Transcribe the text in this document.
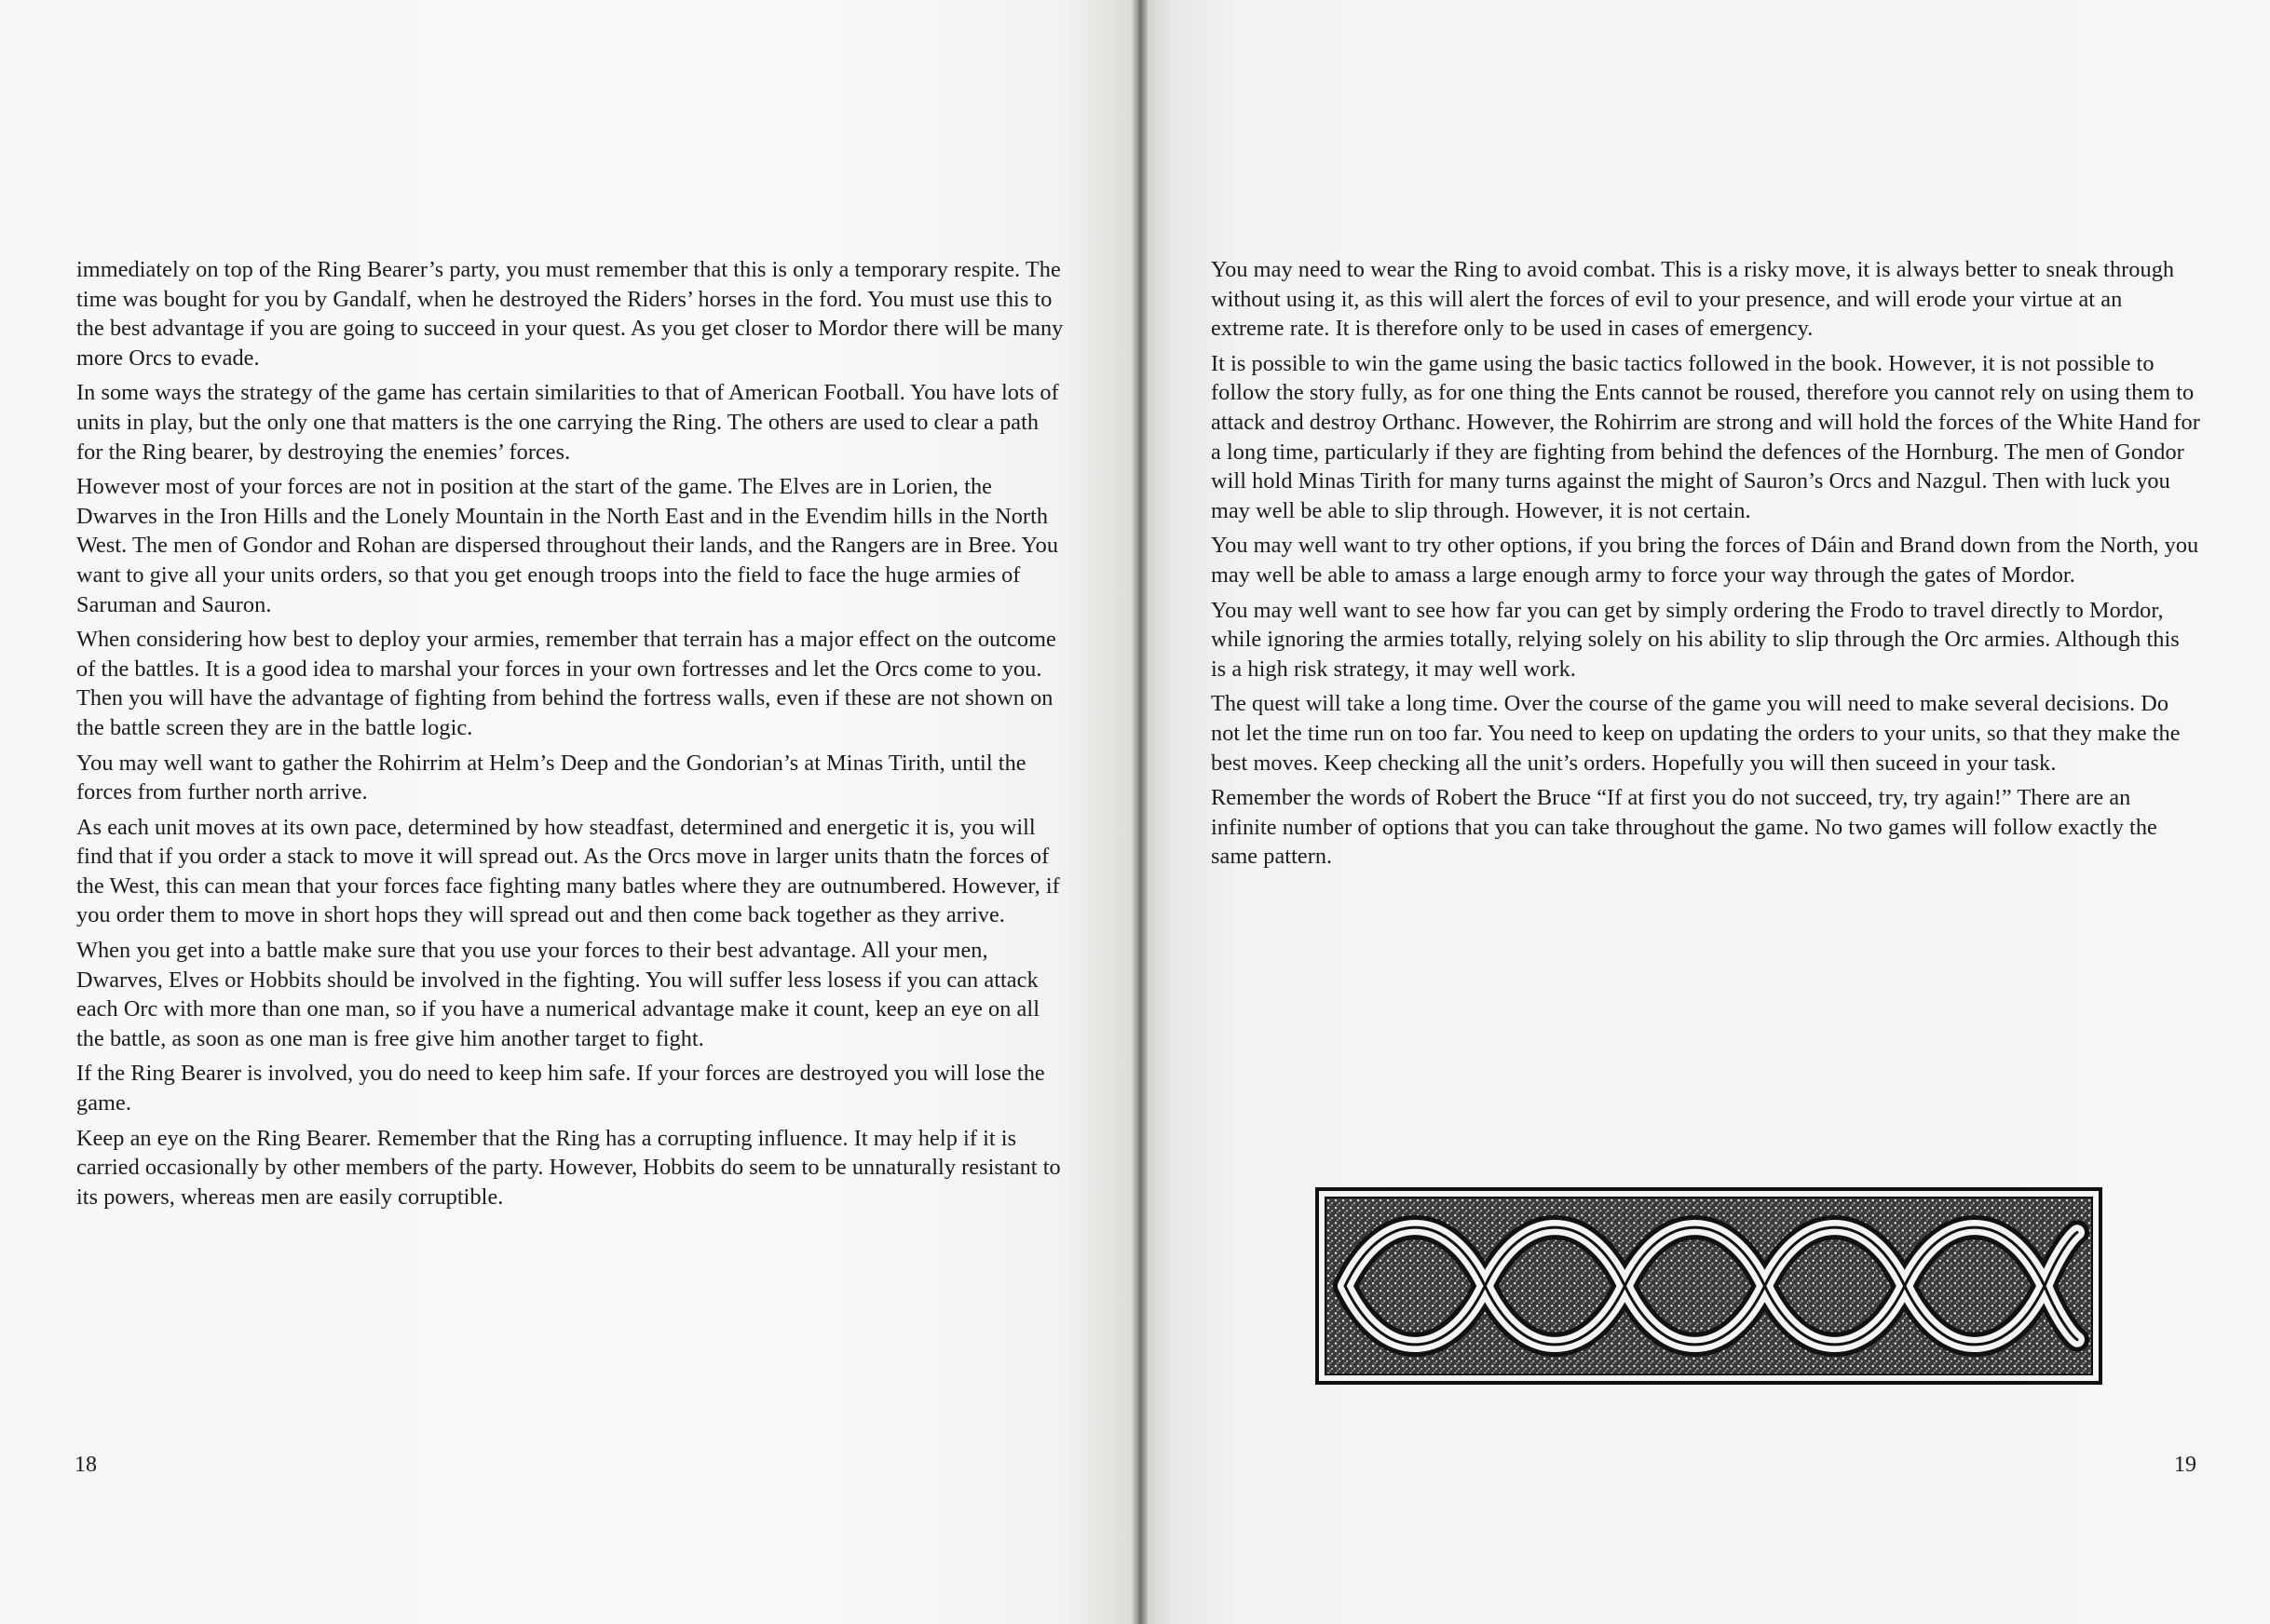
immediately on top of the Ring Bearer’s party, you must remember that this is only a temporary respite. The time was bought for you by Gandalf, when he destroyed the Riders’ horses in the ford. You must use this to the best advantage if you are going to succeed in your quest. As you get closer to Mordor there will be many more Orcs to evade.

In some ways the strategy of the game has certain similarities to that of American Football. You have lots of units in play, but the only one that matters is the one carrying the Ring. The others are used to clear a path for the Ring bearer, by destroying the enemies’ forces.

However most of your forces are not in position at the start of the game. The Elves are in Lorien, the Dwarves in the Iron Hills and the Lonely Mountain in the North East and in the Evendim hills in the North West. The men of Gondor and Rohan are dispersed throughout their lands, and the Rangers are in Bree. You want to give all your units orders, so that you get enough troops into the field to face the huge armies of Saruman and Sauron.

When considering how best to deploy your armies, remember that terrain has a major effect on the outcome of the battles. It is a good idea to marshal your forces in your own fortresses and let the Orcs come to you. Then you will have the advantage of fighting from behind the fortress walls, even if these are not shown on the battle screen they are in the battle logic.

You may well want to gather the Rohirrim at Helm’s Deep and the Gondorian’s at Minas Tirith, until the forces from further north arrive.

As each unit moves at its own pace, determined by how steadfast, determined and energetic it is, you will find that if you order a stack to move it will spread out. As the Orcs move in larger units thatn the forces of the West, this can mean that your forces face fighting many batles where they are outnumbered. However, if you order them to move in short hops they will spread out and then come back together as they arrive.

When you get into a battle make sure that you use your forces to their best advantage. All your men, Dwarves, Elves or Hobbits should be involved in the fighting. You will suffer less losess if you can attack each Orc with more than one man, so if you have a numerical advantage make it count, keep an eye on all the battle, as soon as one man is free give him another target to fight.

If the Ring Bearer is involved, you do need to keep him safe. If your forces are destroyed you will lose the game.

Keep an eye on the Ring Bearer. Remember that the Ring has a corrupting influence. It may help if it is carried occasionally by other members of the party. However, Hobbits do seem to be unnaturally resistant to its powers, whereas men are easily corruptible.

18

You may need to wear the Ring to avoid combat. This is a risky move, it is always better to sneak through without using it, as this will alert the forces of evil to your presence, and will erode your virtue at an extreme rate. It is therefore only to be used in cases of emergency.

It is possible to win the game using the basic tactics followed in the book. However, it is not possible to follow the story fully, as for one thing the Ents cannot be roused, therefore you cannot rely on using them to attack and destroy Orthanc. However, the Rohirrim are strong and will hold the forces of the White Hand for a long time, particularly if they are fighting from behind the defences of the Hornburg. The men of Gondor will hold Minas Tirith for many turns against the might of Sauron’s Orcs and Nazgul. Then with luck you may well be able to slip through. However, it is not certain.

You may well want to try other options, if you bring the forces of Dáin and Brand down from the North, you may well be able to amass a large enough army to force your way through the gates of Mordor.

You may well want to see how far you can get by simply ordering the Frodo to travel directly to Mordor, while ignoring the armies totally, relying solely on his ability to slip through the Orc armies. Although this is a high risk strategy, it may well work.

The quest will take a long time. Over the course of the game you will need to make several decisions. Do not let the time run on too far. You need to keep on updating the orders to your units, so that they make the best moves. Keep checking all the unit’s orders. Hopefully you will then suceed in your task.

Remember the words of Robert the Bruce “If at first you do not succeed, try, try again!” There are an infinite number of options that you can take throughout the game. No two games will follow exactly the same pattern.

19
